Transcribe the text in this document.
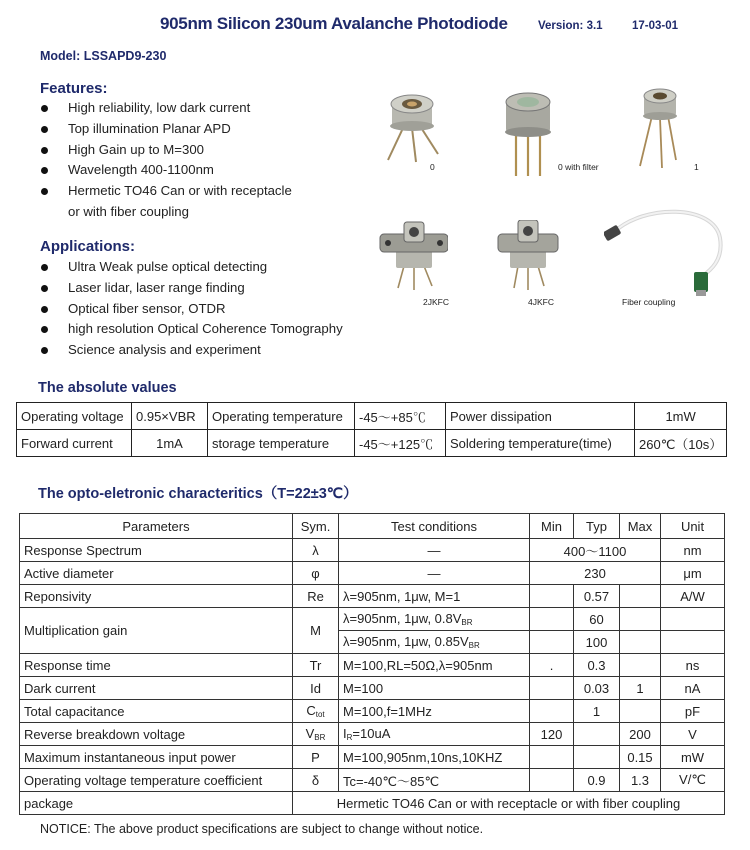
905nm Silicon 230um Avalanche Photodiode	Version: 3.1	17-03-01
Model: LSSAPD9-230
Features:
High reliability, low dark current
Top illumination Planar APD
High Gain up to M=300
Wavelength 400-1100nm
Hermetic TO46 Can or with receptacle
or with fiber coupling
Applications:
Ultra Weak pulse optical detecting
Laser lidar, laser range finding
Optical fiber sensor, OTDR
high resolution Optical Coherence Tomography
Science analysis and experiment
0	0 with filter	1
2JKFC	4JKFC	Fiber coupling
The absolute values
Operating voltage	0.95×VBR	Operating temperature	-45～+85℃	Power dissipation	1mW
Forward current	1mA	storage temperature	-45～+125℃	Soldering temperature(time)	260℃（10s）
The opto-eletronic characteritics（T=22±3℃）
Parameters	Sym.	Test conditions	Min	Typ	Max	Unit
Response Spectrum	λ	—	400～1100			nm
Active diameter	φ	—	230			μm
Reponsivity	Re	λ=905nm, 1μw, M=1		0.57		A/W
Multiplication gain	M	λ=905nm, 1μw, $0.8V_{BR}$		60		
		λ=905nm, 1μw, $0.85V_{BR}$		100		
Response time	Tr	M=100,RL=50Ω,λ=905nm	.	0.3		ns
Dark current	Id	M=100		0.03	1	nA
Total capacitance	$C_{tot}$	M=100,f=1MHz		1		pF
Reverse breakdown voltage	$V_{BR}$	$I_R=10uA$	120		200	V
Maximum instantaneous input power	P	M=100,905nm,10ns,10KHZ			0.15	mW
Operating voltage temperature coefficient	δ	Tc=-40℃～85℃		0.9	1.3	V/℃
package	Hermetic TO46 Can or with receptacle or with fiber coupling					
NOTICE: The above product specifications are subject to change without notice.
